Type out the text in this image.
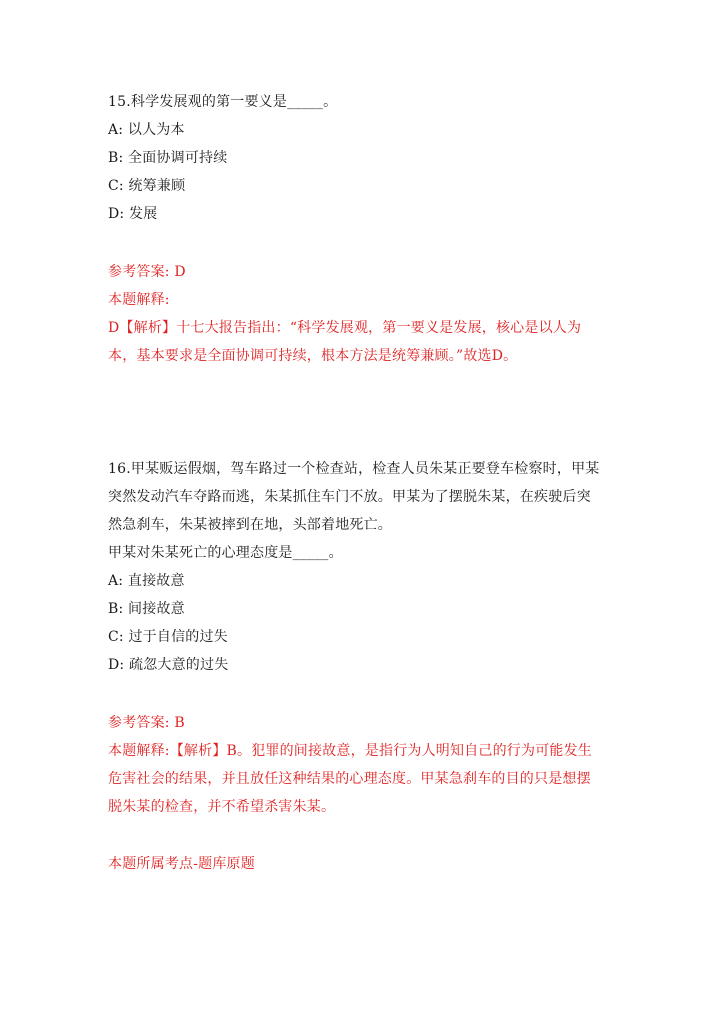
15.科学发展观的第一要义是_____。
A: 以人为本
B: 全面协调可持续
C: 统筹兼顾
D: 发展
参考答案: D
本题解释:
D【解析】十七大报告指出：“科学发展观，第一要义是发展，核心是以人为
本，基本要求是全面协调可持续，根本方法是统筹兼顾。”故选D。
16.甲某贩运假烟，驾车路过一个检查站，检查人员朱某正要登车检察时，甲某
突然发动汽车夺路而逃，朱某抓住车门不放。甲某为了摆脱朱某，在疾驶后突
然急刹车，朱某被摔到在地，头部着地死亡。
甲某对朱某死亡的心理态度是_____。
A: 直接故意
B: 间接故意
C: 过于自信的过失
D: 疏忽大意的过失
参考答案: B
本题解释:【解析】B。犯罪的间接故意，是指行为人明知自己的行为可能发生
危害社会的结果，并且放任这种结果的心理态度。甲某急刹车的目的只是想摆
脱朱某的检查，并不希望杀害朱某。
本题所属考点-题库原题
